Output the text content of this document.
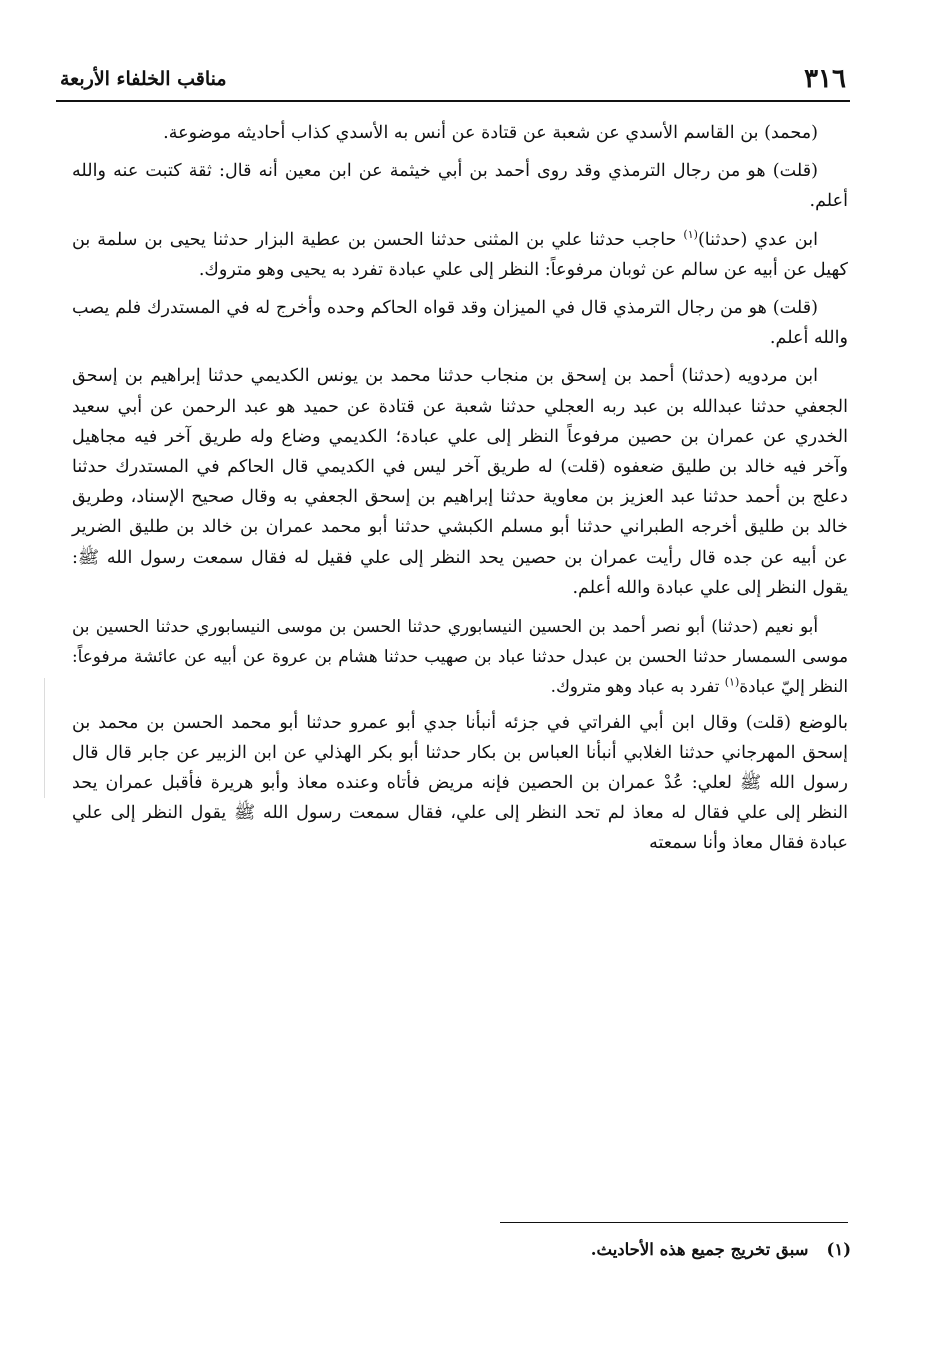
٣١٦
مناقب الخلفاء الأربعة

(محمد) بن القاسم الأسدي عن شعبة عن قتادة عن أنس به الأسدي كذاب أحاديثه موضوعة.

(قلت) هو من رجال الترمذي وقد روى أحمد بن أبي خيثمة عن ابن معين أنه قال: ثقة كتبت عنه والله أعلم.

ابن عدي (حدثنا)$^{(١)}$ حاجب حدثنا علي بن المثنى حدثنا الحسن بن عطية البزار حدثنا يحيى بن سلمة بن كهيل عن أبيه عن سالم عن ثوبان مرفوعاً: النظر إلى علي عبادة تفرد به يحيى وهو متروك.

(قلت) هو من رجال الترمذي قال في الميزان وقد قواه الحاكم وحده وأخرج له في المستدرك فلم يصب والله أعلم.

ابن مردويه (حدثنا) أحمد بن إسحق بن منجاب حدثنا محمد بن يونس الكديمي حدثنا إبراهيم بن إسحق الجعفي حدثنا عبدالله بن عبد ربه العجلي حدثنا شعبة عن قتادة عن حميد هو عبد الرحمن عن أبي سعيد الخدري عن عمران بن حصين مرفوعاً النظر إلى علي عبادة؛ الكديمي وضاع وله طريق آخر فيه مجاهيل وآخر فيه خالد بن طليق ضعفوه (قلت) له طريق آخر ليس في الكديمي قال الحاكم في المستدرك حدثنا دعلج بن أحمد حدثنا عبد العزيز بن معاوية حدثنا إبراهيم بن إسحق الجعفي به وقال صحيح الإسناد، وطريق خالد بن طليق أخرجه الطبراني حدثنا أبو مسلم الكبشي حدثنا أبو محمد عمران بن خالد بن طليق الضرير عن أبيه عن جده قال رأيت عمران بن حصين يحد النظر إلى علي فقيل له فقال سمعت رسول الله ﷺ: يقول النظر إلى علي عبادة والله أعلم.

أبو نعيم (حدثنا) أبو نصر أحمد بن الحسين النيسابوري حدثنا الحسن بن موسى النيسابوري حدثنا الحسين بن موسى السمسار حدثنا الحسن بن عبدل حدثنا عباد بن صهيب حدثنا هشام بن عروة عن أبيه عن عائشة مرفوعاً: النظر إليّ عبادة$^{(١)}$ تفرد به عباد وهو متروك.

بالوضع (قلت) وقال ابن أبي الفراتي في جزئه أنبأنا جدي أبو عمرو حدثنا أبو محمد الحسن بن محمد بن إسحق المهرجاني حدثنا الغلابي أنبأنا العباس بن بكار حدثنا أبو بكر الهذلي عن ابن الزبير عن جابر قال قال رسول الله ﷺ لعلي: عُدْ عمران بن الحصين فإنه مريض فأتاه وعنده معاذ وأبو هريرة فأقبل عمران يحد النظر إلى علي فقال له معاذ لم تحد النظر إلى علي، فقال سمعت رسول الله ﷺ يقول النظر إلى علي عبادة فقال معاذ وأنا سمعته

(١)سبق تخريج جميع هذه الأحاديث.
